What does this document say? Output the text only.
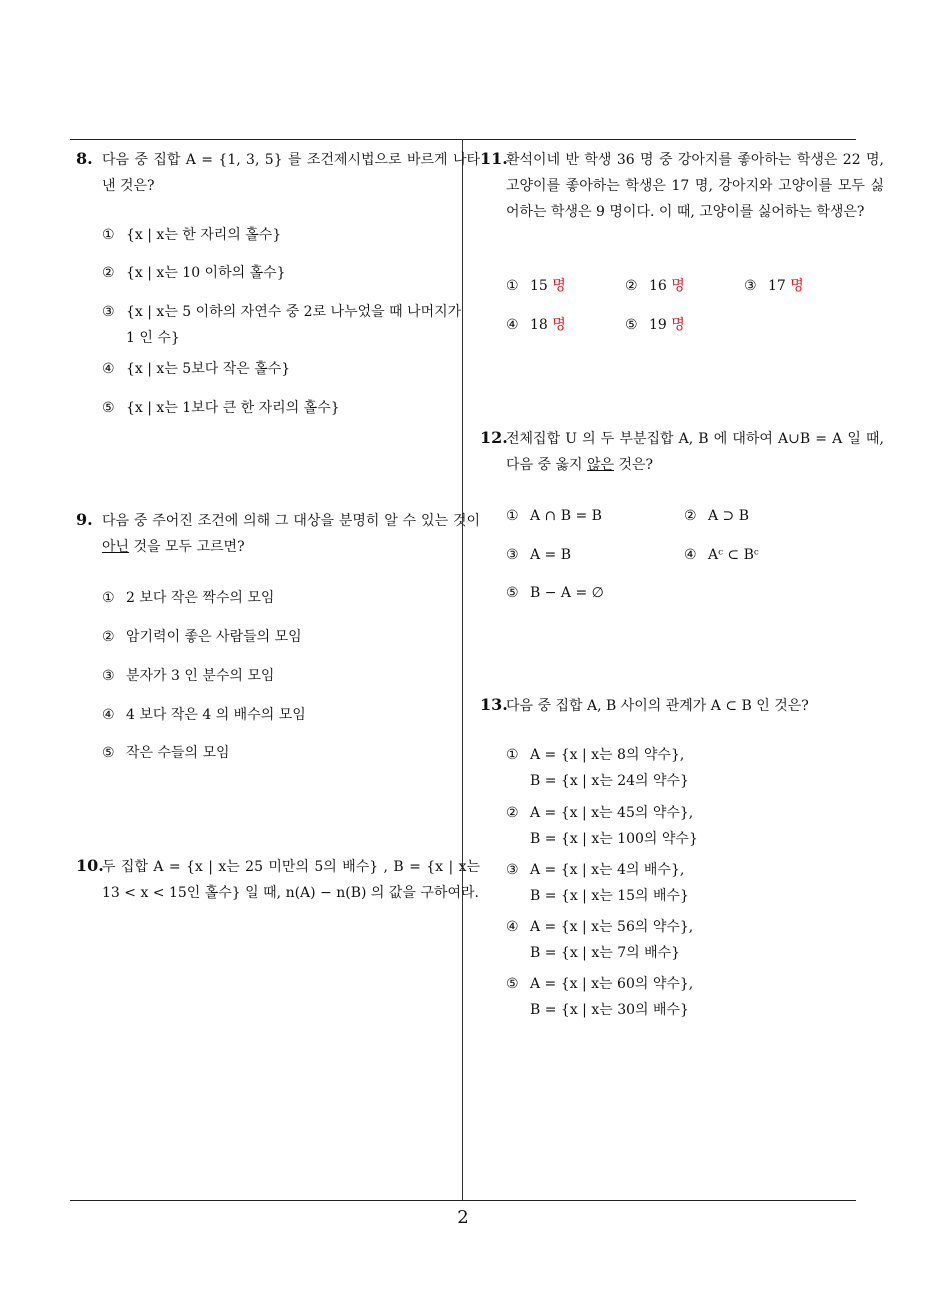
8. 다음 중 집합 A = {1, 3, 5} 를 조건제시법으로 바르게 나타낸 것은?
① {x | x는 한 자리의 홀수}
② {x | x는 10 이하의 홀수}
③ {x | x는 5 이하의 자연수 중 2로 나누었을 때 나머지가 1 인 수}
④ {x | x는 5보다 작은 홀수}
⑤ {x | x는 1보다 큰 한 자리의 홀수}
9. 다음 중 주어진 조건에 의해 그 대상을 분명히 알 수 있는 것이 아닌 것을 모두 고르면?
① 2 보다 작은 짝수의 모임
② 암기력이 좋은 사람들의 모임
③ 분자가 3 인 분수의 모임
④ 4 보다 작은 4 의 배수의 모임
⑤ 작은 수들의 모임
10.두 집합 A = {x | x는 25 미만의 5의 배수} , B = {x | x는 13 < x < 15인 홀수} 일 때, n(A) − n(B) 의 값을 구하여라.
11.환석이네 반 학생 36 명 중 강아지를 좋아하는 학생은 22 명, 고양이를 좋아하는 학생은 17 명, 강아지와 고양이를 모두 싫어하는 학생은 9 명이다. 이 때, 고양이를 싫어하는 학생은?
① 15 명	② 16 명	③ 17 명
④ 18 명	⑤ 19 명
12.전체집합 U 의 두 부분집합 A, B 에 대하여 A∪B = A 일 때, 다음 중 옳지 않은 것은?
① A ∩ B = B	② A ⊃ B
③ A = B	④ Aᶜ ⊂ Bᶜ
⑤ B − A = ∅
13.다음 중 집합 A, B 사이의 관계가 A ⊂ B 인 것은?
① A = {x | x는 8의 약수},
B = {x | x는 24의 약수}
② A = {x | x는 45의 약수},
B = {x | x는 100의 약수}
③ A = {x | x는 4의 배수},
B = {x | x는 15의 배수}
④ A = {x | x는 56의 약수},
B = {x | x는 7의 배수}
⑤ A = {x | x는 60의 약수},
B = {x | x는 30의 배수}
2
